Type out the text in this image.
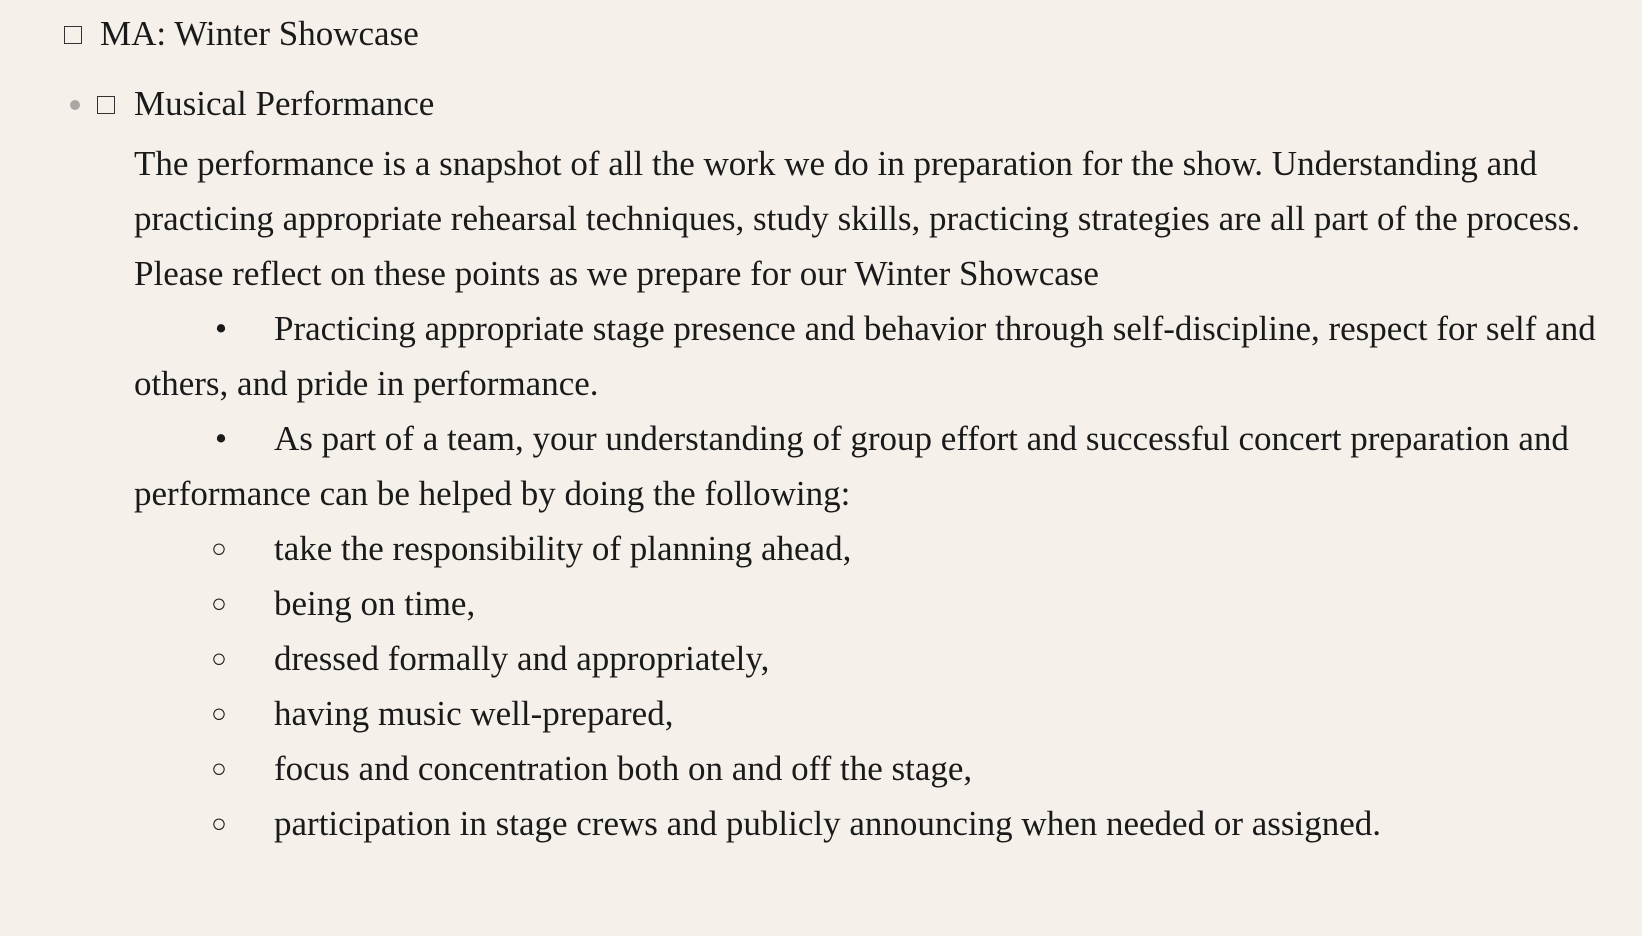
MA: Winter Showcase
Musical Performance

The performance is a snapshot of all the work we do in preparation for the show. Understanding and practicing appropriate rehearsal techniques, study skills, practicing strategies are all part of the process. Please reflect on these points as we prepare for our Winter Showcase

• Practicing appropriate stage presence and behavior through self-discipline, respect for self and others, and pride in performance.

• As part of a team, your understanding of group effort and successful concert preparation and performance can be helped by doing the following:

○ take the responsibility of planning ahead,

○ being on time,

○ dressed formally and appropriately,

○ having music well-prepared,

○ focus and concentration both on and off the stage,

○ participation in stage crews and publicly announcing when needed or assigned.
